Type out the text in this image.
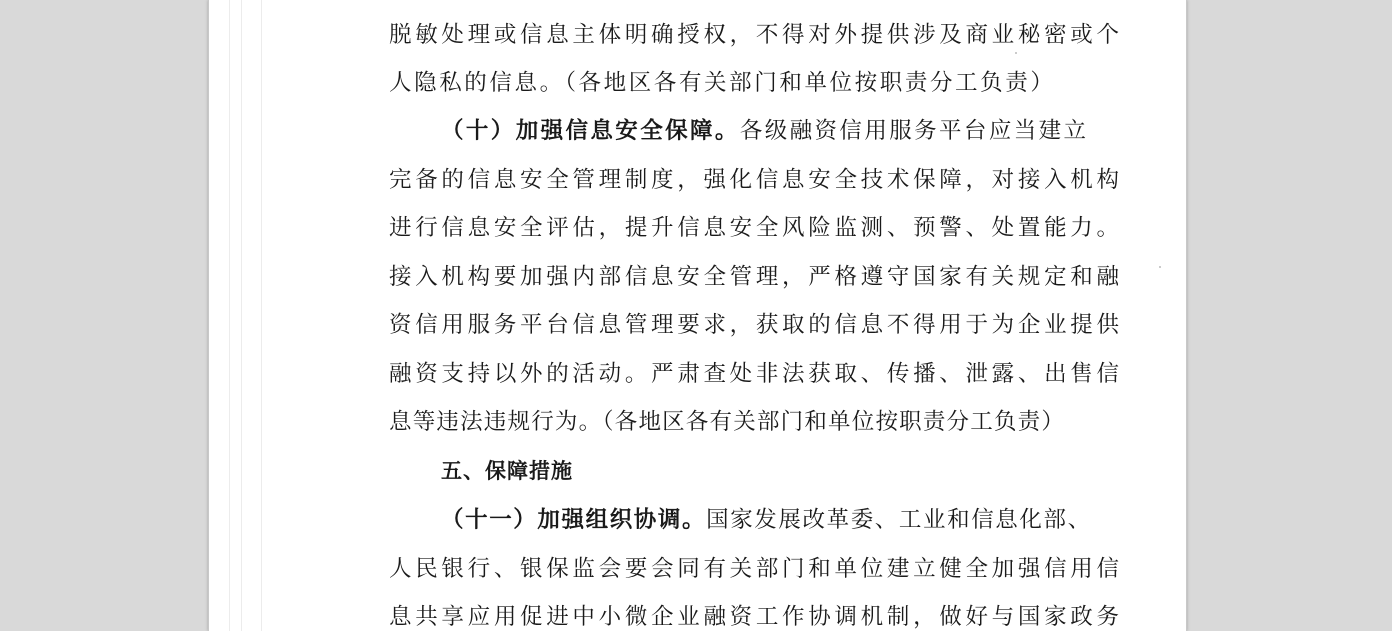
脱敏处理或信息主体明确授权，不得对外提供涉及商业秘密或个
人隐私的信息。（各地区各有关部门和单位按职责分工负责）
（十）加强信息安全保障。各级融资信用服务平台应当建立
完备的信息安全管理制度，强化信息安全技术保障，对接入机构
进行信息安全评估，提升信息安全风险监测、预警、处置能力。
接入机构要加强内部信息安全管理，严格遵守国家有关规定和融
资信用服务平台信息管理要求，获取的信息不得用于为企业提供
融资支持以外的活动。严肃查处非法获取、传播、泄露、出售信
息等违法违规行为。（各地区各有关部门和单位按职责分工负责）
五、保障措施
（十一）加强组织协调。国家发展改革委、工业和信息化部、
人民银行、银保监会要会同有关部门和单位建立健全加强信用信
息共享应用促进中小微企业融资工作协调机制，做好与国家政务
